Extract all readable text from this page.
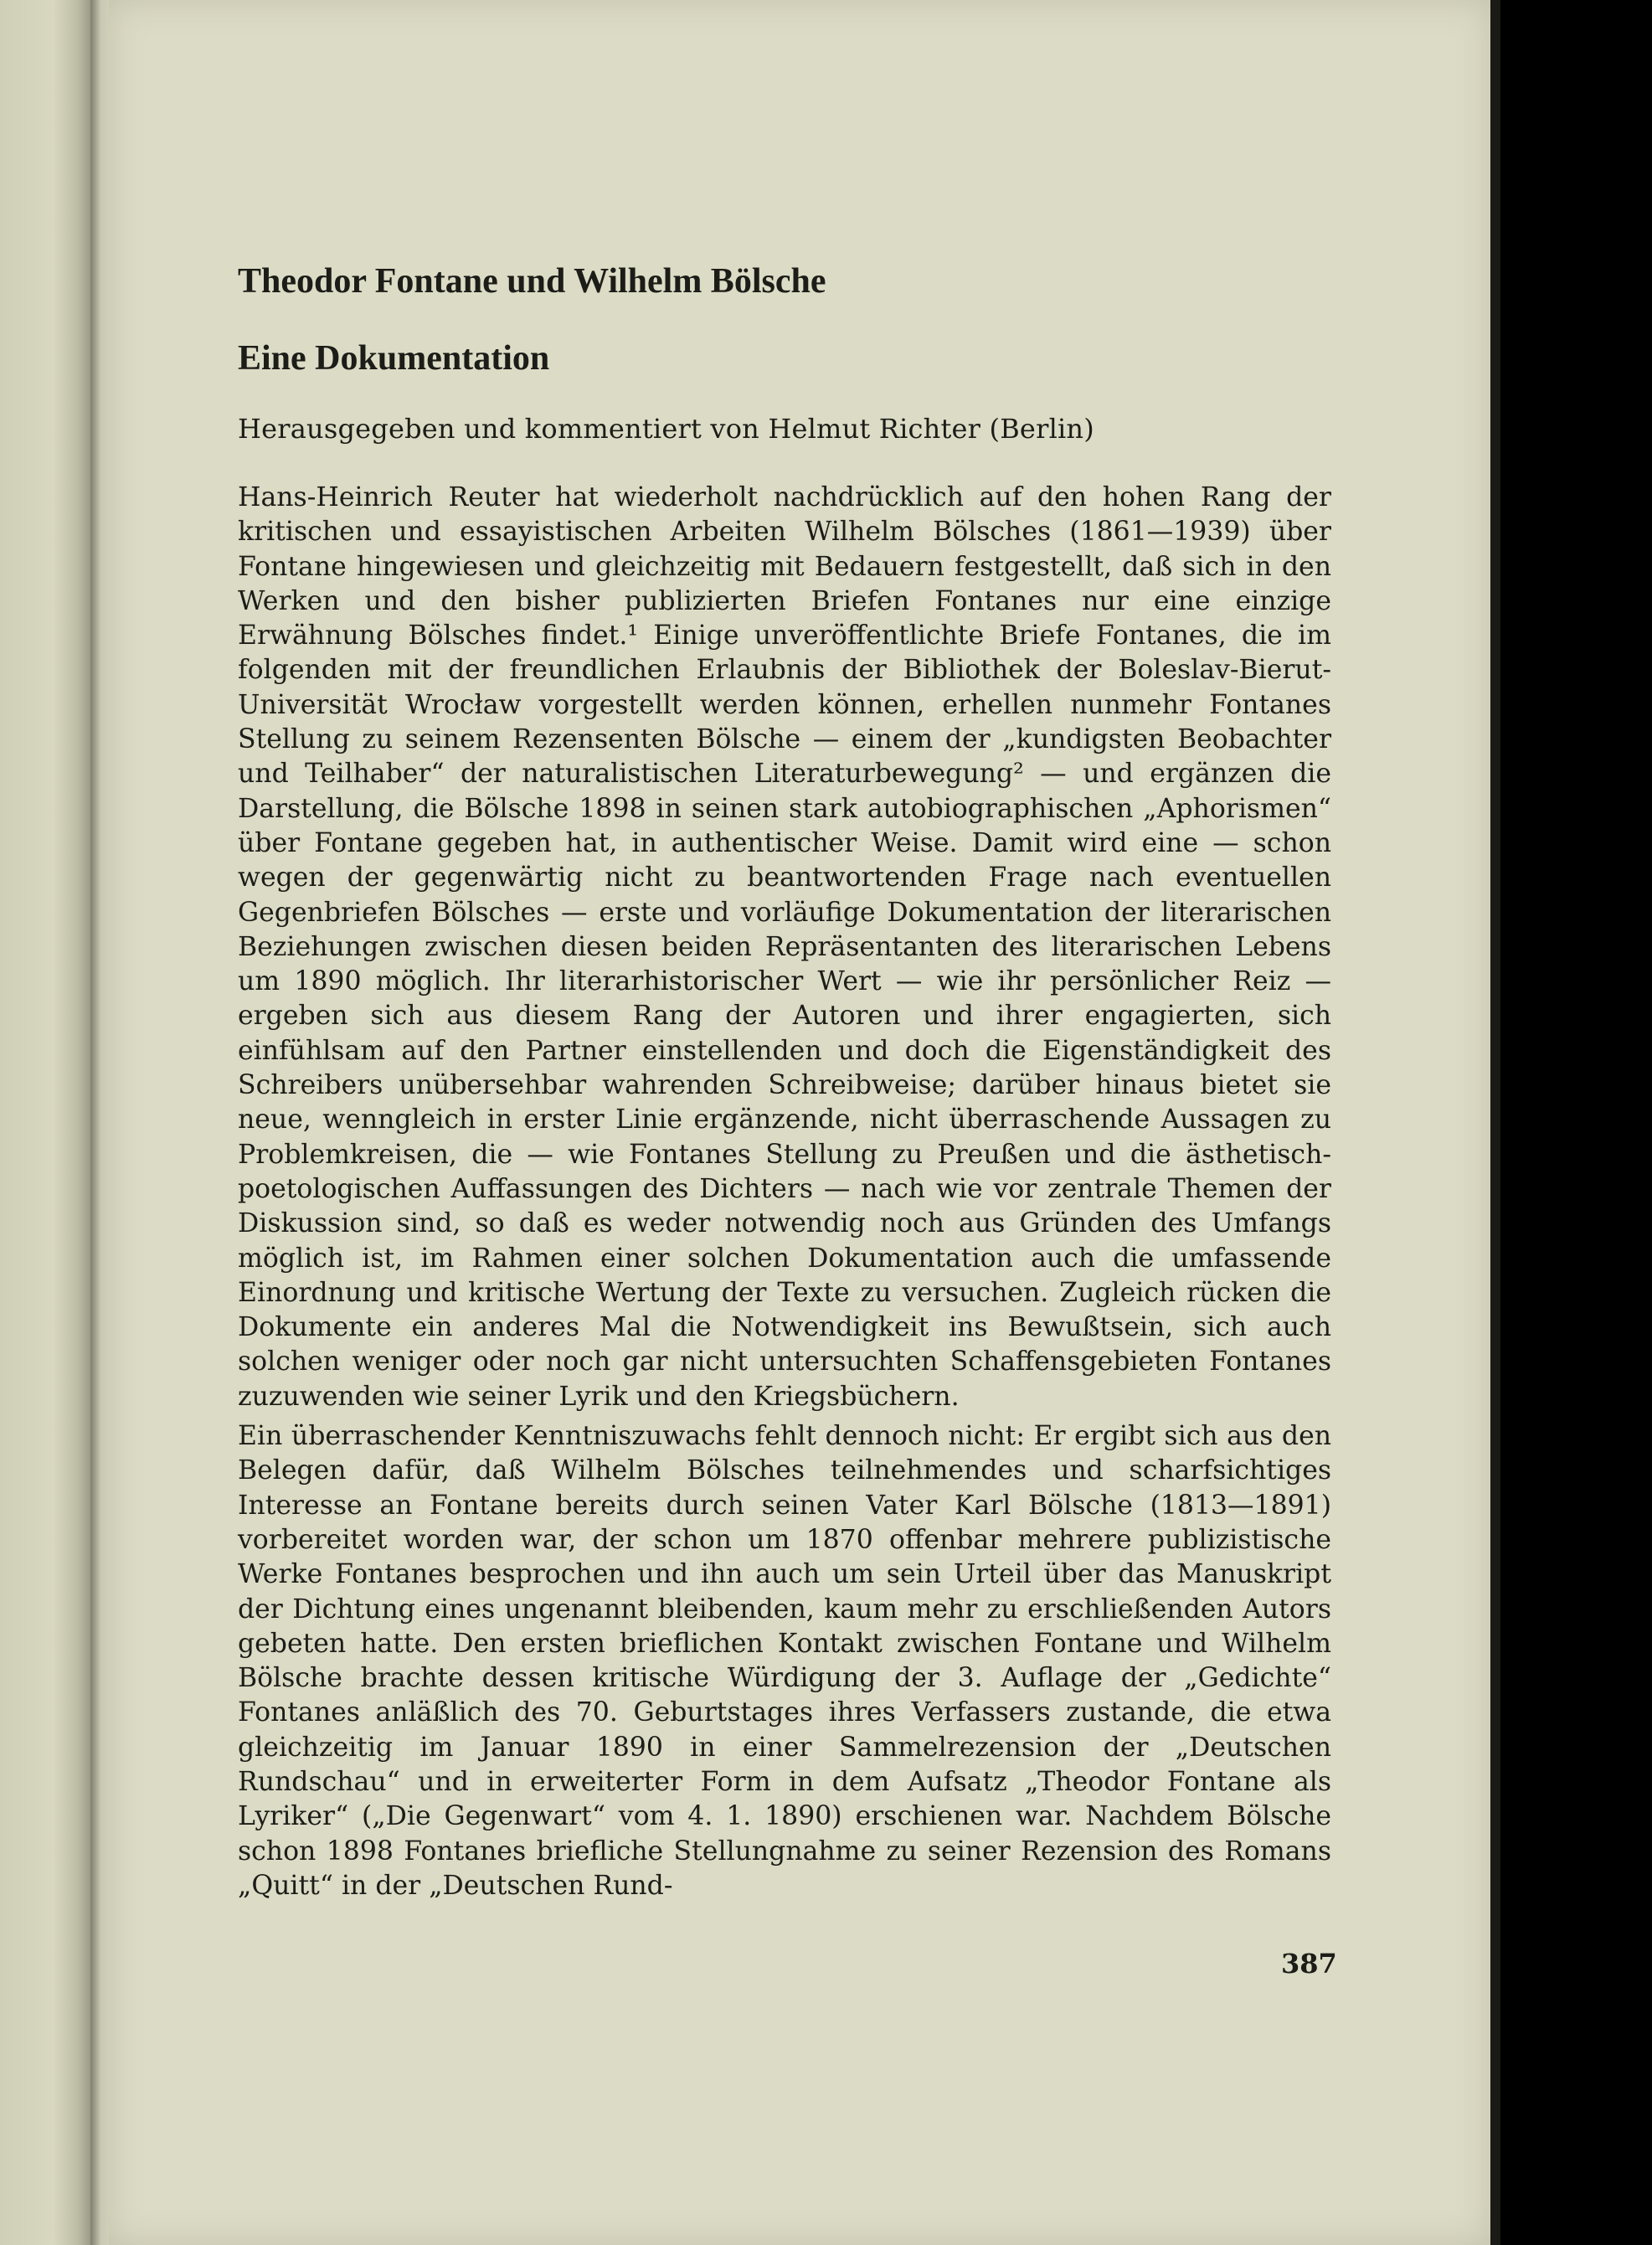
Theodor Fontane und Wilhelm Bölsche
Eine Dokumentation

Herausgegeben und kommentiert von Helmut Richter (Berlin)

Hans-Heinrich Reuter hat wiederholt nachdrücklich auf den hohen Rang der kritischen und essayistischen Arbeiten Wilhelm Bölsches (1861—1939) über Fontane hingewiesen und gleichzeitig mit Bedauern festgestellt, daß sich in den Werken und den bisher publizierten Briefen Fontanes nur eine einzige Erwähnung Bölsches findet.¹ Einige unveröffentlichte Briefe Fontanes, die im folgenden mit der freundlichen Erlaubnis der Bibliothek der Boleslav-Bierut-Universität Wrocław vorgestellt werden können, erhellen nunmehr Fontanes Stellung zu seinem Rezensenten Bölsche — einem der „kundigsten Beobachter und Teilhaber“ der naturalistischen Literaturbewegung² — und ergänzen die Darstellung, die Bölsche 1898 in seinen stark autobiographischen „Aphorismen“ über Fontane gegeben hat, in authentischer Weise. Damit wird eine — schon wegen der gegenwärtig nicht zu beantwortenden Frage nach eventuellen Gegenbriefen Bölsches — erste und vorläufige Dokumentation der literarischen Beziehungen zwischen diesen beiden Repräsentanten des literarischen Lebens um 1890 möglich. Ihr literarhistorischer Wert — wie ihr persönlicher Reiz — ergeben sich aus diesem Rang der Autoren und ihrer engagierten, sich einfühlsam auf den Partner einstellenden und doch die Eigenständigkeit des Schreibers unübersehbar wahrenden Schreibweise; darüber hinaus bietet sie neue, wenngleich in erster Linie ergänzende, nicht überraschende Aussagen zu Problemkreisen, die — wie Fontanes Stellung zu Preußen und die ästhetisch-poetologischen Auffassungen des Dichters — nach wie vor zentrale Themen der Diskussion sind, so daß es weder notwendig noch aus Gründen des Umfangs möglich ist, im Rahmen einer solchen Dokumentation auch die umfassende Einordnung und kritische Wertung der Texte zu versuchen. Zugleich rücken die Dokumente ein anderes Mal die Notwendigkeit ins Bewußtsein, sich auch solchen weniger oder noch gar nicht untersuchten Schaffensgebieten Fontanes zuzuwenden wie seiner Lyrik und den Kriegsbüchern.

Ein überraschender Kenntniszuwachs fehlt dennoch nicht: Er ergibt sich aus den Belegen dafür, daß Wilhelm Bölsches teilnehmendes und scharfsichtiges Interesse an Fontane bereits durch seinen Vater Karl Bölsche (1813—1891) vorbereitet worden war, der schon um 1870 offenbar mehrere publizistische Werke Fontanes besprochen und ihn auch um sein Urteil über das Manuskript der Dichtung eines ungenannt bleibenden, kaum mehr zu erschließenden Autors gebeten hatte. Den ersten brieflichen Kontakt zwischen Fontane und Wilhelm Bölsche brachte dessen kritische Würdigung der 3. Auflage der „Gedichte“ Fontanes anläßlich des 70. Geburtstages ihres Verfassers zustande, die etwa gleichzeitig im Januar 1890 in einer Sammelrezension der „Deutschen Rundschau“ und in erweiterter Form in dem Aufsatz „Theodor Fontane als Lyriker“ („Die Gegenwart“ vom 4. 1. 1890) erschienen war. Nachdem Bölsche schon 1898 Fontanes briefliche Stellungnahme zu seiner Rezension des Romans „Quitt“ in der „Deutschen Rund-

387
